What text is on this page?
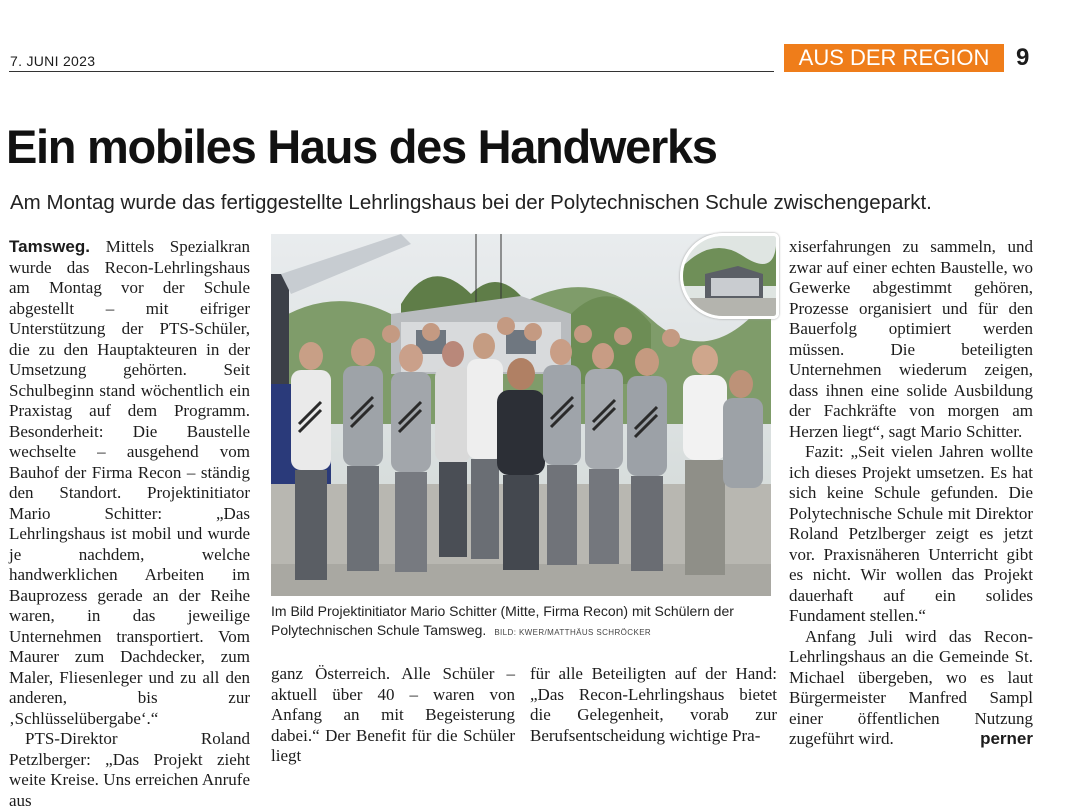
7. JUNI 2023	AUS DER REGION	9
Ein mobiles Haus des Handwerks

Am Montag wurde das fertiggestellte Lehrlingshaus bei der Polytechnischen Schule zwischengeparkt.

Tamsweg. Mittels Spezialkran wurde das Recon-Lehrlingshaus am Montag vor der Schule abgestellt – mit eifriger Unterstützung der PTS-Schüler, die zu den Hauptakteuren in der Umsetzung gehörten. Seit Schulbeginn stand wöchentlich ein Praxistag auf dem Programm. Besonderheit: Die Baustelle wechselte – ausgehend vom Bauhof der Firma Recon – ständig den Standort. Projektinitiator Mario Schitter: „Das Lehrlingshaus ist mobil und wurde je nachdem, welche handwerklichen Arbeiten im Bauprozess gerade an der Reihe waren, in das jeweilige Unternehmen transportiert. Vom Maurer zum Dachdecker, zum Maler, Fliesenleger und zu all den anderen, bis zur ‚Schlüsselübergabe‘.“

PTS-Direktor Roland Petzlberger: „Das Projekt zieht weite Kreise. Uns erreichen Anrufe aus

Im Bild Projektinitiator Mario Schitter (Mitte, Firma Recon) mit Schülern der Polytechnischen Schule Tamsweg. BILD: KWER/MATTHÄUS SCHRÖCKER

ganz Österreich. Alle Schüler – aktuell über 40 – waren von Anfang an mit Begeisterung dabei.“ Der Benefit für die Schüler liegt

für alle Beteiligten auf der Hand: „Das Recon-Lehrlingshaus bietet die Gelegenheit, vorab zur Berufsentscheidung wichtige Pra-

xiserfahrungen zu sammeln, und zwar auf einer echten Baustelle, wo Gewerke abgestimmt gehören, Prozesse organisiert und für den Bauerfolg optimiert werden müssen. Die beteiligten Unternehmen wiederum zeigen, dass ihnen eine solide Ausbildung der Fachkräfte von morgen am Herzen liegt“, sagt Mario Schitter.

Fazit: „Seit vielen Jahren wollte ich dieses Projekt umsetzen. Es hat sich keine Schule gefunden. Die Polytechnische Schule mit Direktor Roland Petzlberger zeigt es jetzt vor. Praxisnäheren Unterricht gibt es nicht. Wir wollen das Projekt dauerhaft auf ein solides Fundament stellen.“

Anfang Juli wird das Recon-Lehrlingshaus an die Gemeinde St. Michael übergeben, wo es laut Bürgermeister Manfred Sampl einer öffentlichen Nutzung zugeführt wird.	perner
